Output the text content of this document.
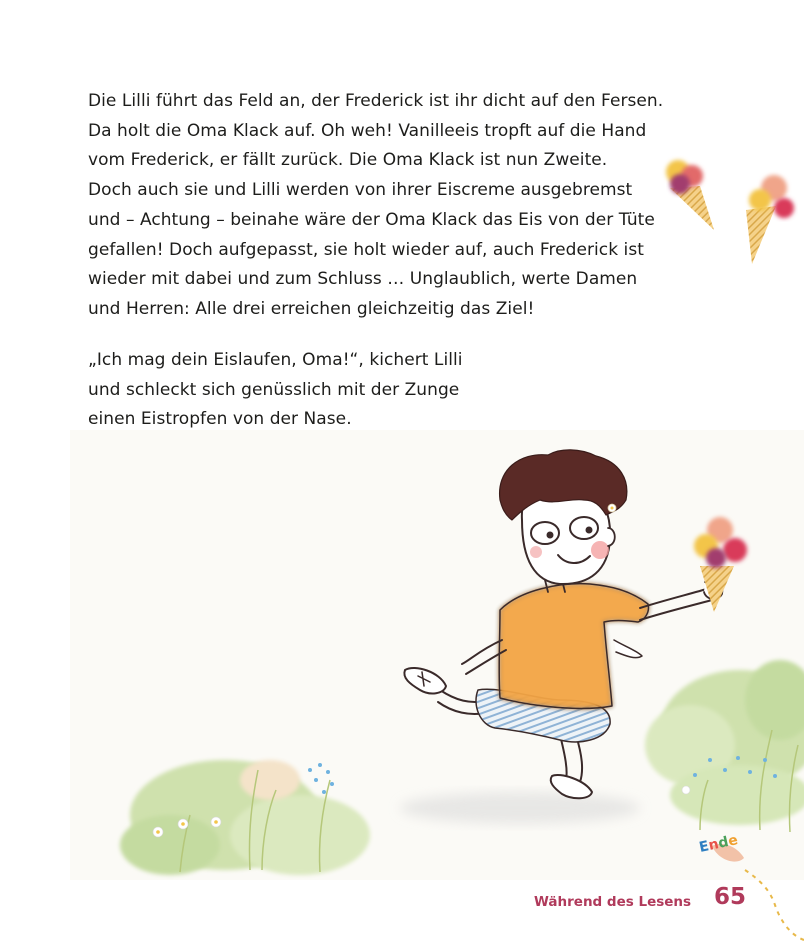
Die Lilli führt das Feld an, der Frederick ist ihr dicht auf den Fersen.

Da holt die Oma Klack auf. Oh weh! Vanilleeis tropft auf die Hand

vom Frederick, er fällt zurück. Die Oma Klack ist nun Zweite.

Doch auch sie und Lilli werden von ihrer Eiscreme ausgebremst

und – Achtung – beinahe wäre der Oma Klack das Eis von der Tüte

gefallen! Doch aufgepasst, sie holt wieder auf, auch Frederick ist

wieder mit dabei und zum Schluss … Unglaublich, werte Damen

und Herren: Alle drei erreichen gleichzeitig das Ziel!

„Ich mag dein Eislaufen, Oma!“, kichert Lilli

und schleckt sich genüsslich mit der Zunge

einen Eistropfen von der Nase.

Ende
Während des Lesens 65
